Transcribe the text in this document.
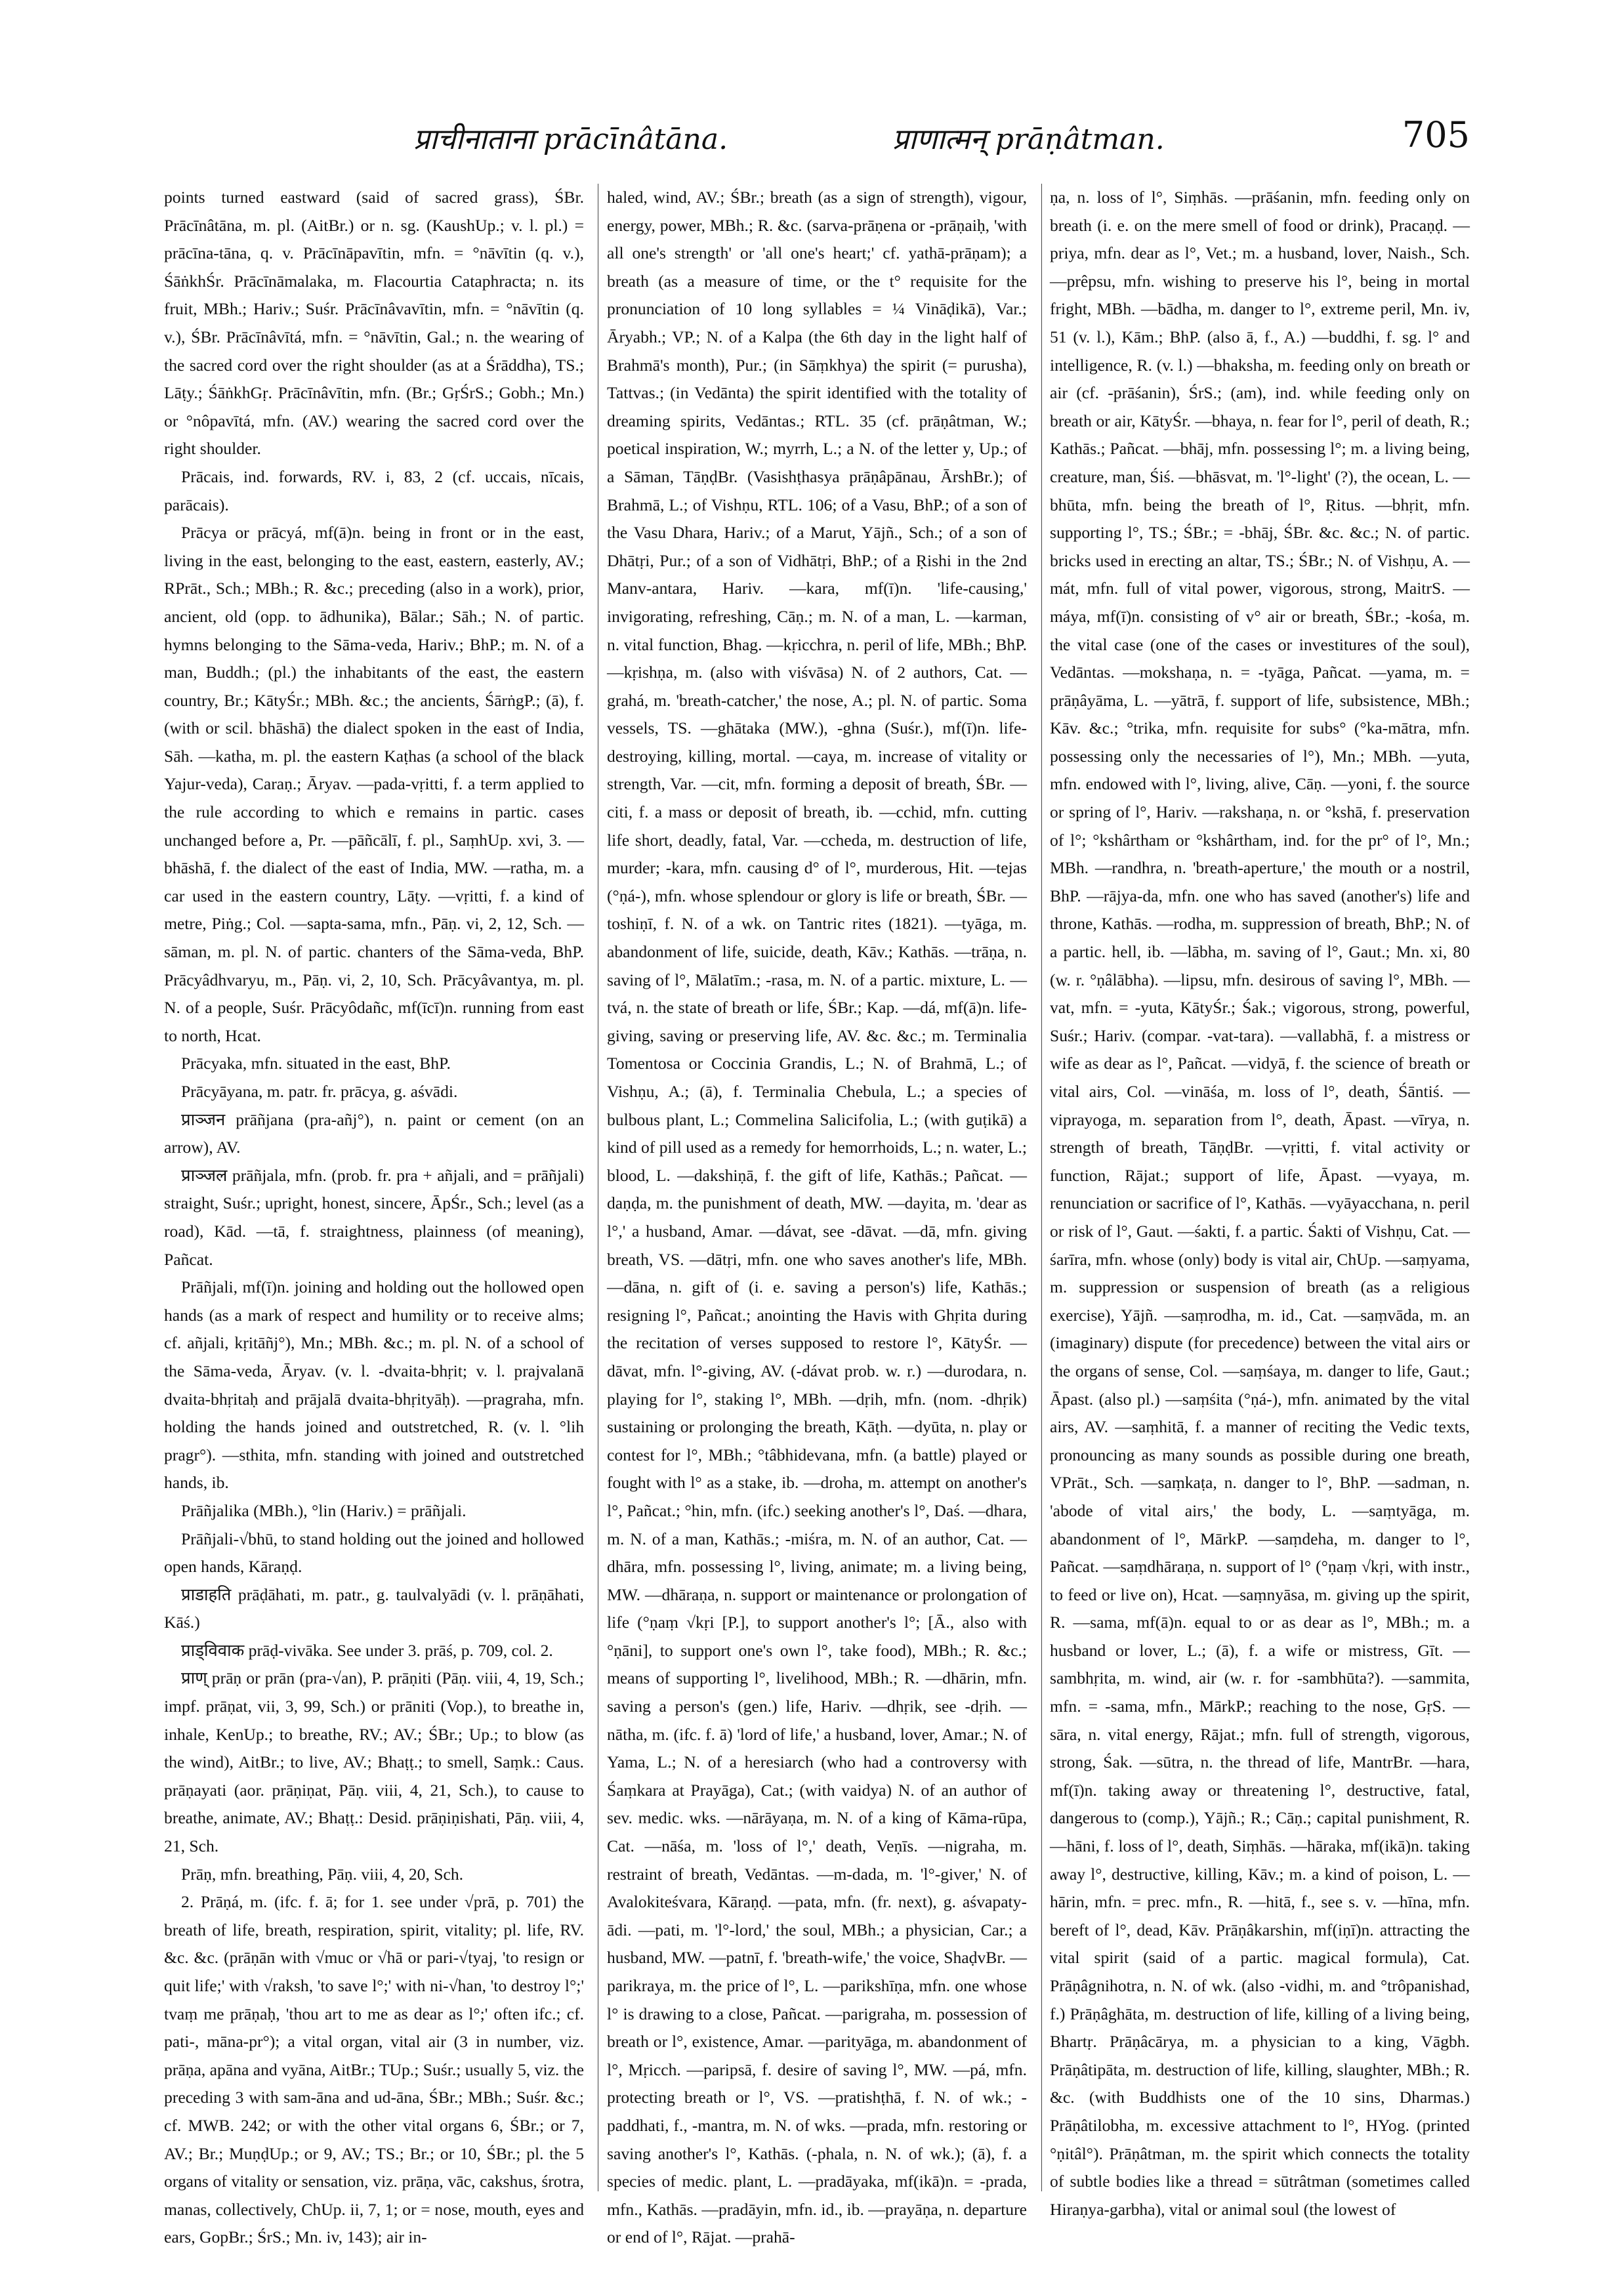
प्राचीनाताना prācīnâtāna.	प्राणात्मन् prāṇâtman.	705

points turned eastward (said of sacred grass), ŚBr. Prācīnâtāna, m. pl. (AitBr.) or n. sg. (KaushUp.; v. l. pl.) = prācīna-tāna, q. v. Prācīnāpavītin, mfn. = °nāvītin (q. v.), ŚāṅkhŚr. Prācīnāmalaka, m. Flacourtia Cataphracta; n. its fruit, MBh.; Hariv.; Suśr. Prācīnâvavītin, mfn. = °nāvītin (q. v.), ŚBr. Prācīnâvītá, mfn. = °nāvītin, Gal.; n. the wearing of the sacred cord over the right shoulder (as at a Śrāddha), TS.; Lāṭy.; ŚāṅkhGṛ. Prācīnâvītin, mfn. (Br.; GṛŚrS.; Gobh.; Mn.) or °nôpavītá, mfn. (AV.) wearing the sacred cord over the right shoulder.

Prācais, ind. forwards, RV. i, 83, 2 (cf. uccais, nīcais, parācais).

Prācya or prācyá, mf(ā)n. being in front or in the east, living in the east, belonging to the east, eastern, easterly, AV.; RPrāt., Sch.; MBh.; R. &c.; preceding (also in a work), prior, ancient, old (opp. to ādhunika), Bālar.; Sāh.; N. of partic. hymns belonging to the Sāma-veda, Hariv.; BhP.; m. N. of a man, Buddh.; (pl.) the inhabitants of the east, the eastern country, Br.; KātyŚr.; MBh. &c.; the ancients, ŚārṅgP.; (ā), f. (with or scil. bhāshā) the dialect spoken in the east of India, Sāh. —katha, m. pl. the eastern Kaṭhas (a school of the black Yajur-veda), Caraṇ.; Āryav. —pada-vṛitti, f. a term applied to the rule according to which e remains in partic. cases unchanged before a, Pr. —pāñcālī, f. pl., SaṃhUp. xvi, 3. —bhāshā, f. the dialect of the east of India, MW. —ratha, m. a car used in the eastern country, Lāṭy. —vṛitti, f. a kind of metre, Piṅg.; Col. —sapta-sama, mfn., Pāṇ. vi, 2, 12, Sch. —sāman, m. pl. N. of partic. chanters of the Sāma-veda, BhP. Prācyâdhvaryu, m., Pāṇ. vi, 2, 10, Sch. Prācyâvantya, m. pl. N. of a people, Suśr. Prācyôdañc, mf(īcī)n. running from east to north, Hcat.

Prācyaka, mfn. situated in the east, BhP.

Prācyāyana, m. patr. fr. prācya, g. aśvādi.

प्राञ्जन prāñjana (pra-añj°), n. paint or cement (on an arrow), AV.

प्राञ्जल prāñjala, mfn. (prob. fr. pra + añjali, and = prāñjali) straight, Suśr.; upright, honest, sincere, ĀpŚr., Sch.; level (as a road), Kād. —tā, f. straightness, plainness (of meaning), Pañcat.

Prāñjali, mf(ī)n. joining and holding out the hollowed open hands (as a mark of respect and humility or to receive alms; cf. añjali, kṛitāñj°), Mn.; MBh. &c.; m. pl. N. of a school of the Sāma-veda, Āryav. (v. l. -dvaita-bhṛit; v. l. prajvalanā dvaita-bhṛitaḥ and prājalā dvaita-bhṛityāḥ). —pragraha, mfn. holding the hands joined and outstretched, R. (v. l. °lih pragr°). —sthita, mfn. standing with joined and outstretched hands, ib.

Prāñjalika (MBh.), °lin (Hariv.) = prāñjali.

Prāñjali-√bhū, to stand holding out the joined and hollowed open hands, Kāraṇḍ.

प्राडाहति prāḍāhati, m. patr., g. taulvalyādi (v. l. prāṇāhati, Kāś.)

प्राड्विवाक prāḍ-vivāka. See under 3. prāś, p. 709, col. 2.

प्राण् prāṇ or prān (pra-√an), P. prāṇiti (Pāṇ. viii, 4, 19, Sch.; impf. prāṇat, vii, 3, 99, Sch.) or prāniti (Vop.), to breathe in, inhale, KenUp.; to breathe, RV.; AV.; ŚBr.; Up.; to blow (as the wind), AitBr.; to live, AV.; Bhaṭṭ.; to smell, Saṃk.: Caus. prāṇayati (aor. prāṇiṇat, Pāṇ. viii, 4, 21, Sch.), to cause to breathe, animate, AV.; Bhaṭṭ.: Desid. prāṇiṇishati, Pāṇ. viii, 4, 21, Sch.

Prāṇ, mfn. breathing, Pāṇ. viii, 4, 20, Sch.

2. Prāṇá, m. (ifc. f. ā; for 1. see under √prā, p. 701) the breath of life, breath, respiration, spirit, vitality; pl. life, RV. &c. &c. (prāṇān with √muc or √hā or pari-√tyaj, 'to resign or quit life;' with √raksh, 'to save l°;' with ni-√han, 'to destroy l°;' tvaṃ me prāṇaḥ, 'thou art to me as dear as l°;' often ifc.; cf. pati-, māna-pr°); a vital organ, vital air (3 in number, viz. prāṇa, apāna and vyāna, AitBr.; TUp.; Suśr.; usually 5, viz. the preceding 3 with sam-āna and ud-āna, ŚBr.; MBh.; Suśr. &c.; cf. MWB. 242; or with the other vital organs 6, ŚBr.; or 7, AV.; Br.; MuṇḍUp.; or 9, AV.; TS.; Br.; or 10, ŚBr.; pl. the 5 organs of vitality or sensation, viz. prāṇa, vāc, cakshus, śrotra, manas, collectively, ChUp. ii, 7, 1; or = nose, mouth, eyes and ears, GopBr.; ŚrS.; Mn. iv, 143); air in-

haled, wind, AV.; ŚBr.; breath (as a sign of strength), vigour, energy, power, MBh.; R. &c. (sarva-prāṇena or -prāṇaiḥ, 'with all one's strength' or 'all one's heart;' cf. yathā-prāṇam); a breath (as a measure of time, or the t° requisite for the pronunciation of 10 long syllables = ¼ Vināḍikā), Var.; Āryabh.; VP.; N. of a Kalpa (the 6th day in the light half of Brahmā's month), Pur.; (in Sāṃkhya) the spirit (= purusha), Tattvas.; (in Vedānta) the spirit identified with the totality of dreaming spirits, Vedāntas.; RTL. 35 (cf. prāṇâtman, W.; poetical inspiration, W.; myrrh, L.; a N. of the letter y, Up.; of a Sāman, TāṇḍBr. (Vasishṭhasya prāṇâpānau, ĀrshBr.); of Brahmā, L.; of Vishṇu, RTL. 106; of a Vasu, BhP.; of a son of the Vasu Dhara, Hariv.; of a Marut, Yājñ., Sch.; of a son of Dhātṛi, Pur.; of a son of Vidhātṛi, BhP.; of a Ṛishi in the 2nd Manv-antara, Hariv. —kara, mf(ī)n. 'life-causing,' invigorating, refreshing, Cāṇ.; m. N. of a man, L. —karman, n. vital function, Bhag. —kṛicchra, n. peril of life, MBh.; BhP. —kṛishṇa, m. (also with viśvāsa) N. of 2 authors, Cat. —grahá, m. 'breath-catcher,' the nose, A.; pl. N. of partic. Soma vessels, TS. —ghātaka (MW.), -ghna (Suśr.), mf(ī)n. life-destroying, killing, mortal. —caya, m. increase of vitality or strength, Var. —cit, mfn. forming a deposit of breath, ŚBr. —citi, f. a mass or deposit of breath, ib. —cchid, mfn. cutting life short, deadly, fatal, Var. —ccheda, m. destruction of life, murder; -kara, mfn. causing d° of l°, murderous, Hit. —tejas (°ṇá-), mfn. whose splendour or glory is life or breath, ŚBr. —toshiṇī, f. N. of a wk. on Tantric rites (1821). —tyāga, m. abandonment of life, suicide, death, Kāv.; Kathās. —trāṇa, n. saving of l°, Mālatīm.; -rasa, m. N. of a partic. mixture, L. —tvá, n. the state of breath or life, ŚBr.; Kap. —dá, mf(ā)n. life-giving, saving or preserving life, AV. &c. &c.; m. Terminalia Tomentosa or Coccinia Grandis, L.; N. of Brahmā, L.; of Vishṇu, A.; (ā), f. Terminalia Chebula, L.; a species of bulbous plant, L.; Commelina Salicifolia, L.; (with guṭikā) a kind of pill used as a remedy for hemorrhoids, L.; n. water, L.; blood, L. —dakshiṇā, f. the gift of life, Kathās.; Pañcat. —daṇḍa, m. the punishment of death, MW. —dayita, m. 'dear as l°,' a husband, Amar. —dávat, see -dāvat. —dā, mfn. giving breath, VS. —dātṛi, mfn. one who saves another's life, MBh. —dāna, n. gift of (i. e. saving a person's) life, Kathās.; resigning l°, Pañcat.; anointing the Havis with Ghṛita during the recitation of verses supposed to restore l°, KātyŚr. —dāvat, mfn. l°-giving, AV. (-dávat prob. w. r.) —durodara, n. playing for l°, staking l°, MBh. —dṛih, mfn. (nom. -dhṛik) sustaining or prolonging the breath, Kāṭh. —dyūta, n. play or contest for l°, MBh.; °tâbhidevana, mfn. (a battle) played or fought with l° as a stake, ib. —droha, m. attempt on another's l°, Pañcat.; °hin, mfn. (ifc.) seeking another's l°, Daś. —dhara, m. N. of a man, Kathās.; -miśra, m. N. of an author, Cat. —dhāra, mfn. possessing l°, living, animate; m. a living being, MW. —dhāraṇa, n. support or maintenance or prolongation of life (°ṇaṃ √kṛi [P.], to support another's l°; [Ā., also with °ṇāni], to support one's own l°, take food), MBh.; R. &c.; means of supporting l°, livelihood, MBh.; R. —dhārin, mfn. saving a person's (gen.) life, Hariv. —dhṛik, see -dṛih. —nātha, m. (ifc. f. ā) 'lord of life,' a husband, lover, Amar.; N. of Yama, L.; N. of a heresiarch (who had a controversy with Śaṃkara at Prayāga), Cat.; (with vaidya) N. of an author of sev. medic. wks. —nārāyaṇa, m. N. of a king of Kāma-rūpa, Cat. —nāśa, m. 'loss of l°,' death, Veṇīs. —nigraha, m. restraint of breath, Vedāntas. —m-dada, m. 'l°-giver,' N. of Avalokiteśvara, Kāraṇḍ. —pata, mfn. (fr. next), g. aśvapaty-ādi. —pati, m. 'l°-lord,' the soul, MBh.; a physician, Car.; a husband, MW. —patnī, f. 'breath-wife,' the voice, ShaḍvBr. —parikraya, m. the price of l°, L. —parikshīṇa, mfn. one whose l° is drawing to a close, Pañcat. —parigraha, m. possession of breath or l°, existence, Amar. —parityāga, m. abandonment of l°, Mṛicch. —paripsā, f. desire of saving l°, MW. —pá, mfn. protecting breath or l°, VS. —pratishṭhā, f. N. of wk.; -paddhati, f., -mantra, m. N. of wks. —prada, mfn. restoring or saving another's l°, Kathās. (-phala, n. N. of wk.); (ā), f. a species of medic. plant, L. —pradāyaka, mf(ikā)n. = -prada, mfn., Kathās. —pradāyin, mfn. id., ib. —prayāṇa, n. departure or end of l°, Rājat. —prahā-

ṇa, n. loss of l°, Siṃhās. —prāśanin, mfn. feeding only on breath (i. e. on the mere smell of food or drink), Pracaṇḍ. —priya, mfn. dear as l°, Vet.; m. a husband, lover, Naish., Sch. —prêpsu, mfn. wishing to preserve his l°, being in mortal fright, MBh. —bādha, m. danger to l°, extreme peril, Mn. iv, 51 (v. l.), Kām.; BhP. (also ā, f., A.) —buddhi, f. sg. l° and intelligence, R. (v. l.) —bhaksha, m. feeding only on breath or air (cf. -prāśanin), ŚrS.; (am), ind. while feeding only on breath or air, KātyŚr. —bhaya, n. fear for l°, peril of death, R.; Kathās.; Pañcat. —bhāj, mfn. possessing l°; m. a living being, creature, man, Śiś. —bhāsvat, m. 'l°-light' (?), the ocean, L. —bhūta, mfn. being the breath of l°, Ṛitus. —bhṛit, mfn. supporting l°, TS.; ŚBr.; = -bhāj, ŚBr. &c. &c.; N. of partic. bricks used in erecting an altar, TS.; ŚBr.; N. of Vishṇu, A. —mát, mfn. full of vital power, vigorous, strong, MaitrS. —máya, mf(ī)n. consisting of v° air or breath, ŚBr.; -kośa, m. the vital case (one of the cases or investitures of the soul), Vedāntas. —mokshaṇa, n. = -tyāga, Pañcat. —yama, m. = prāṇâyāma, L. —yātrā, f. support of life, subsistence, MBh.; Kāv. &c.; °trika, mfn. requisite for subs° (°ka-mātra, mfn. possessing only the necessaries of l°), Mn.; MBh. —yuta, mfn. endowed with l°, living, alive, Cāṇ. —yoni, f. the source or spring of l°, Hariv. —rakshaṇa, n. or °kshā, f. preservation of l°; °kshârtham or °kshârtham, ind. for the pr° of l°, Mn.; MBh. —randhra, n. 'breath-aperture,' the mouth or a nostril, BhP. —rājya-da, mfn. one who has saved (another's) life and throne, Kathās. —rodha, m. suppression of breath, BhP.; N. of a partic. hell, ib. —lābha, m. saving of l°, Gaut.; Mn. xi, 80 (w. r. °ṇâlābha). —lipsu, mfn. desirous of saving l°, MBh. —vat, mfn. = -yuta, KātyŚr.; Śak.; vigorous, strong, powerful, Suśr.; Hariv. (compar. -vat-tara). —vallabhā, f. a mistress or wife as dear as l°, Pañcat. —vidyā, f. the science of breath or vital airs, Col. —vināśa, m. loss of l°, death, Śāntiś. —viprayoga, m. separation from l°, death, Āpast. —vīrya, n. strength of breath, TāṇḍBr. —vṛitti, f. vital activity or function, Rājat.; support of life, Āpast. —vyaya, m. renunciation or sacrifice of l°, Kathās. —vyāyacchana, n. peril or risk of l°, Gaut. —śakti, f. a partic. Śakti of Vishṇu, Cat. —śarīra, mfn. whose (only) body is vital air, ChUp. —saṃyama, m. suppression or suspension of breath (as a religious exercise), Yājñ. —saṃrodha, m. id., Cat. —saṃvāda, m. an (imaginary) dispute (for precedence) between the vital airs or the organs of sense, Col. —saṃśaya, m. danger to life, Gaut.; Āpast. (also pl.) —saṃśita (°ṇá-), mfn. animated by the vital airs, AV. —saṃhitā, f. a manner of reciting the Vedic texts, pronouncing as many sounds as possible during one breath, VPrāt., Sch. —saṃkaṭa, n. danger to l°, BhP. —sadman, n. 'abode of vital airs,' the body, L. —saṃtyāga, m. abandonment of l°, MārkP. —saṃdeha, m. danger to l°, Pañcat. —saṃdhāraṇa, n. support of l° (°ṇaṃ √kṛi, with instr., to feed or live on), Hcat. —saṃnyāsa, m. giving up the spirit, R. —sama, mf(ā)n. equal to or as dear as l°, MBh.; m. a husband or lover, L.; (ā), f. a wife or mistress, Gīt. —sambhṛita, m. wind, air (w. r. for -sambhūta?). —sammita, mfn. = -sama, mfn., MārkP.; reaching to the nose, GṛS. —sāra, n. vital energy, Rājat.; mfn. full of strength, vigorous, strong, Śak. —sūtra, n. the thread of life, MantrBr. —hara, mf(ī)n. taking away or threatening l°, destructive, fatal, dangerous to (comp.), Yājñ.; R.; Cāṇ.; capital punishment, R. —hāni, f. loss of l°, death, Siṃhās. —hāraka, mf(ikā)n. taking away l°, destructive, killing, Kāv.; m. a kind of poison, L. —hārin, mfn. = prec. mfn., R. —hitā, f., see s. v. —hīna, mfn. bereft of l°, dead, Kāv. Prāṇâkarshin, mf(iṇī)n. attracting the vital spirit (said of a partic. magical formula), Cat. Prāṇâgnihotra, n. N. of wk. (also -vidhi, m. and °trôpanishad, f.) Prāṇâghāta, m. destruction of life, killing of a living being, Bhartṛ. Prāṇâcārya, m. a physician to a king, Vāgbh. Prāṇâtipāta, m. destruction of life, killing, slaughter, MBh.; R. &c. (with Buddhists one of the 10 sins, Dharmas.) Prāṇâtilobha, m. excessive attachment to l°, HYog. (printed °ṇitâl°). Prāṇâtman, m. the spirit which connects the totality of subtle bodies like a thread = sūtrâtman (sometimes called Hiraṇya-garbha), vital or animal soul (the lowest of
